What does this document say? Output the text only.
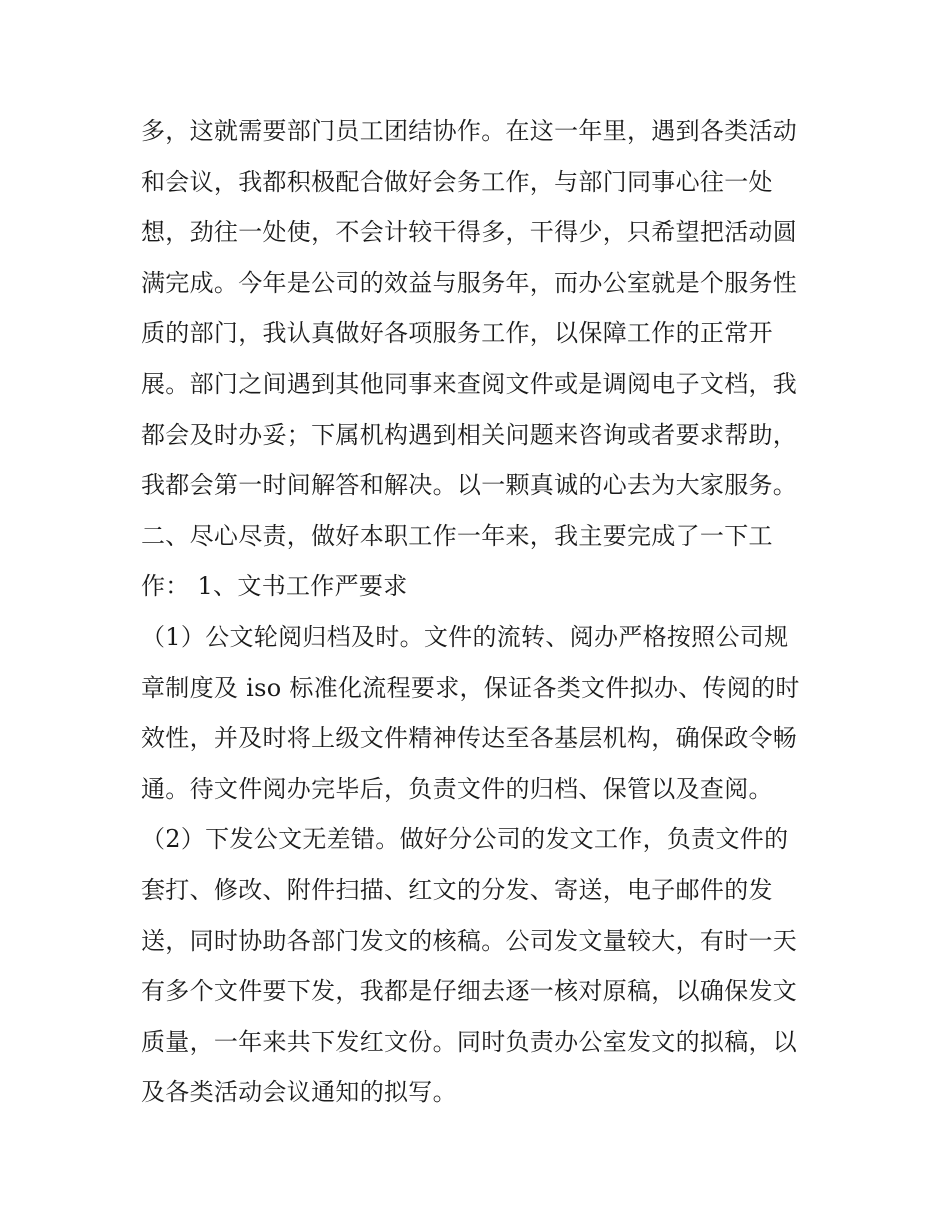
多，这就需要部门员工团结协作。在这一年里，遇到各类活动
和会议，我都积极配合做好会务工作，与部门同事心往一处
想，劲往一处使，不会计较干得多，干得少，只希望把活动圆
满完成。今年是公司的效益与服务年，而办公室就是个服务性
质的部门，我认真做好各项服务工作，以保障工作的正常开
展。部门之间遇到其他同事来查阅文件或是调阅电子文档，我
都会及时办妥；下属机构遇到相关问题来咨询或者要求帮助，
我都会第一时间解答和解决。以一颗真诚的心去为大家服务。
二、尽心尽责，做好本职工作一年来，我主要完成了一下工
作： 1、文书工作严要求
（1）公文轮阅归档及时。文件的流转、阅办严格按照公司规
章制度及 iso 标准化流程要求，保证各类文件拟办、传阅的时
效性，并及时将上级文件精神传达至各基层机构，确保政令畅
通。待文件阅办完毕后，负责文件的归档、保管以及查阅。
（2）下发公文无差错。做好分公司的发文工作，负责文件的
套打、修改、附件扫描、红文的分发、寄送，电子邮件的发
送，同时协助各部门发文的核稿。公司发文量较大，有时一天
有多个文件要下发，我都是仔细去逐一核对原稿，以确保发文
质量，一年来共下发红文份。同时负责办公室发文的拟稿，以
及各类活动会议通知的拟写。
